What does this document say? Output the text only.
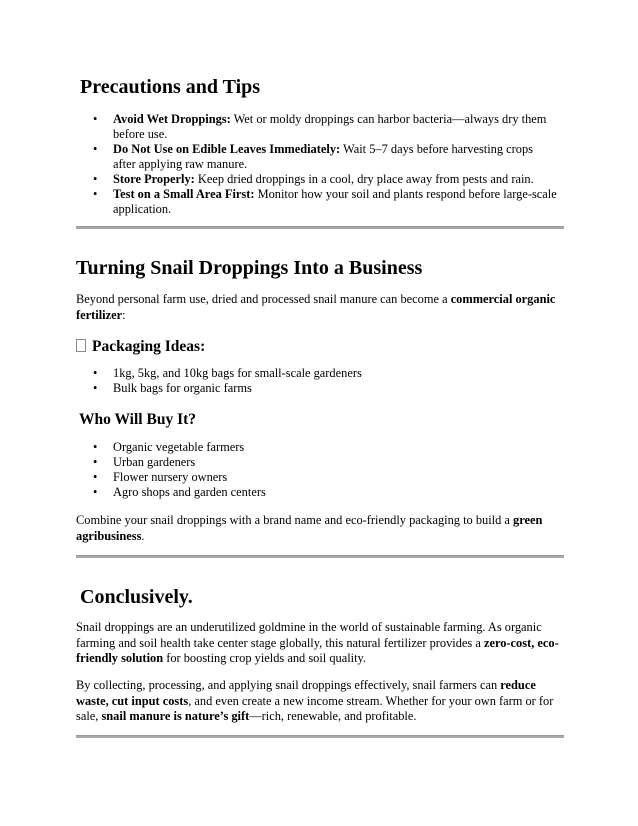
Precautions and Tips
• Avoid Wet Droppings: Wet or moldy droppings can harbor bacteria—always dry them before use.
• Do Not Use on Edible Leaves Immediately: Wait 5–7 days before harvesting crops after applying raw manure.
• Store Properly: Keep dried droppings in a cool, dry place away from pests and rain.
• Test on a Small Area First: Monitor how your soil and plants respond before large-scale application.
Turning Snail Droppings Into a Business

Beyond personal farm use, dried and processed snail manure can become a commercial organic fertilizer:

Packaging Ideas:
• 1kg, 5kg, and 10kg bags for small-scale gardeners
• Bulk bags for organic farms
Who Will Buy It?
• Organic vegetable farmers
• Urban gardeners
• Flower nursery owners
• Agro shops and garden centers

Combine your snail droppings with a brand name and eco-friendly packaging to build a green agribusiness.

Conclusively.

Snail droppings are an underutilized goldmine in the world of sustainable farming. As organic farming and soil health take center stage globally, this natural fertilizer provides a zero-cost, eco-friendly solution for boosting crop yields and soil quality.

By collecting, processing, and applying snail droppings effectively, snail farmers can reduce waste, cut input costs, and even create a new income stream. Whether for your own farm or for sale, snail manure is nature’s gift—rich, renewable, and profitable.
